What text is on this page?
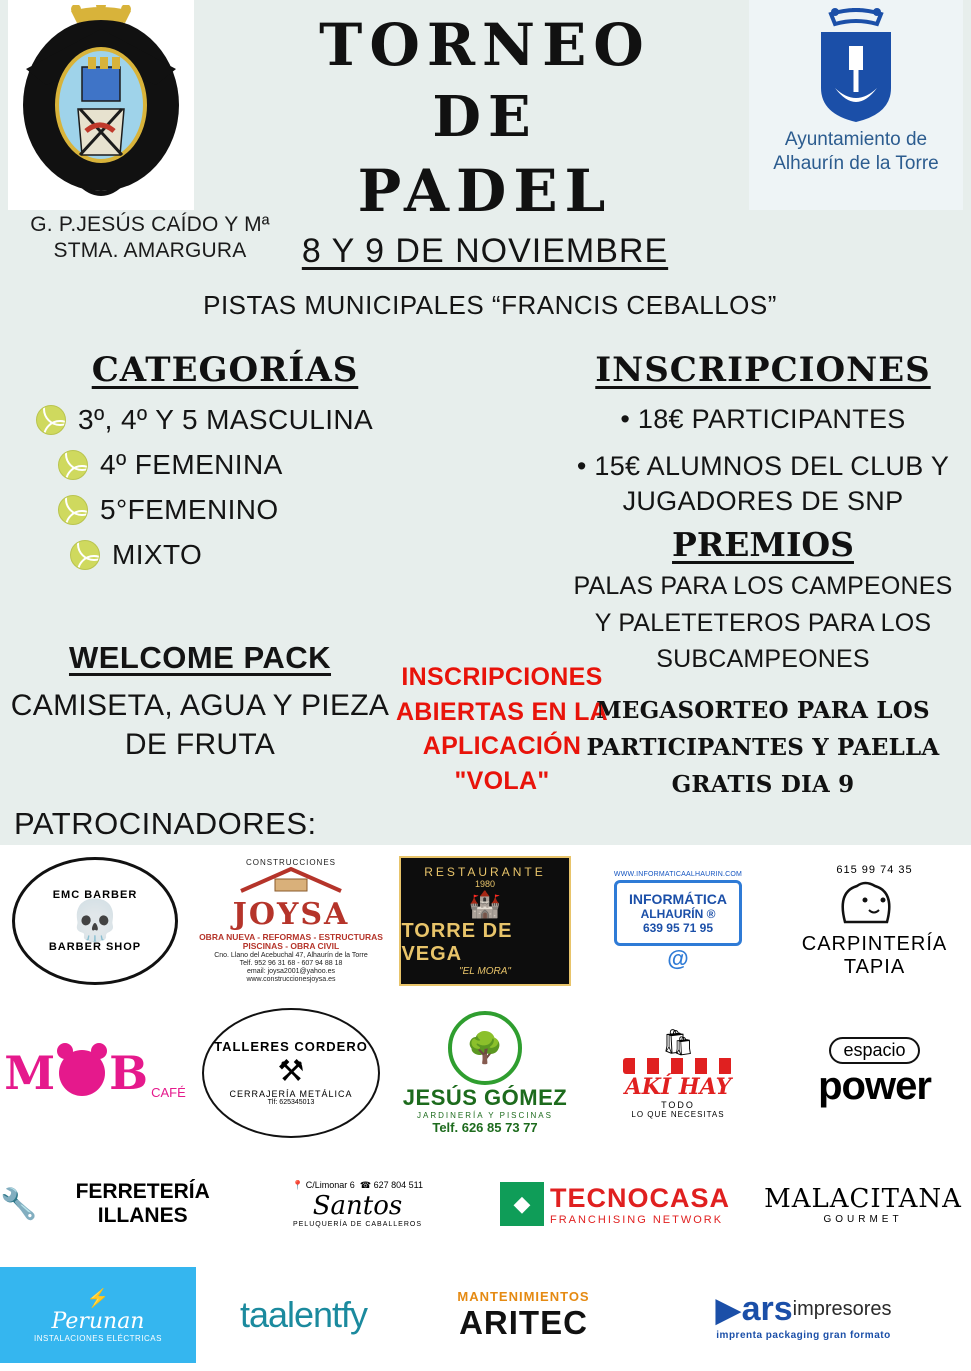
G. P.JESÚS CAÍDO Y Mª STMA. AMARGURA
TORNEO
DE
PADEL
Ayuntamiento de Alhaurín de la Torre
8 Y 9 DE NOVIEMBRE
PISTAS MUNICIPALES “FRANCIS CEBALLOS”
CATEGORÍAS
3º, 4º Y 5 MASCULINA
4º FEMENINA
5°FEMENINO
MIXTO
WELCOME PACK

CAMISETA, AGUA Y PIEZA DE FRUTA

INSCRIPCIONES
ABIERTAS EN LA
APLICACIÓN "VOLA"
INSCRIPCIONES
• 18€ PARTICIPANTES
• 15€ ALUMNOS DEL CLUB Y JUGADORES DE SNP
PREMIOS
PALAS PARA LOS CAMPEONES Y PALETETEROS PARA LOS SUBCAMPEONES
MEGASORTEO PARA LOS PARTICIPANTES Y PAELLA GRATIS DIA 9
PATROCINADORES:
EMC BARBER
💀
BARBER SHOP
CONSTRUCCIONES
JOYSA
OBRA NUEVA - REFORMAS - ESTRUCTURAS
PISCINAS - OBRA CIVIL
Cno. Llano del Acebuchal 47, Alhaurín de la Torre
Telf. 952 96 31 68 - 607 94 88 18
email: joysa2001@yahoo.es
www.construccionesjoysa.es
RESTAURANTE
1980
🏰
TORRE DE VEGA
"EL MORA"
WWW.INFORMATICAALHAURIN.COM
INFORMÁTICA
ALHAURÍN ®
639 95 71 95
@
615 99 74 35
CARPINTERÍA TAPIA
M B CAFÉ
TALLERES CORDERO
⚒
CERRAJERÍA METÁLICA
Tlf: 625345013
🌳
JESÚS GÓMEZ
JARDINERÍA Y PISCINAS
Telf. 626 85 73 77
🛍
AKÍ HAY
TODO
LO QUE NECESITAS
espacio
power
🔧	FERRETERÍA ILLANES
📍 C/Limonar 6 ☎ 627 804 511
Santos
PELUQUERÍA DE CABALLEROS
◆ TECNOCASA
FRANCHISING NETWORK
MALACITANA
GOURMET
⚡
Perunan
INSTALACIONES ELÉCTRICAS
taalentfy	MANTENIMIENTOS
ARITEC	▶ ars impresores
imprenta packaging gran formato
